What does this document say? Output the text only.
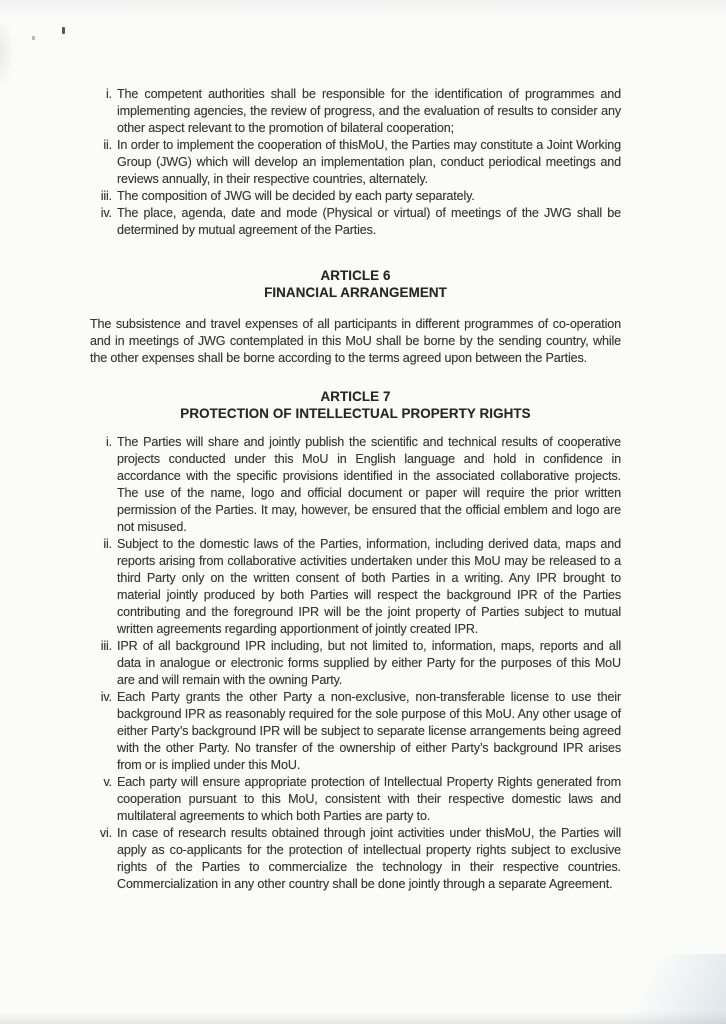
i. The competent authorities shall be responsible for the identification of programmes and implementing agencies, the review of progress, and the evaluation of results to consider any other aspect relevant to the promotion of bilateral cooperation;
ii. In order to implement the cooperation of thisMoU, the Parties may constitute a Joint Working Group (JWG) which will develop an implementation plan, conduct periodical meetings and reviews annually, in their respective countries, alternately.
iii. The composition of JWG will be decided by each party separately.
iv. The place, agenda, date and mode (Physical or virtual) of meetings of the JWG shall be determined by mutual agreement of the Parties.
ARTICLE 6
FINANCIAL ARRANGEMENT

The subsistence and travel expenses of all participants in different programmes of co-operation and in meetings of JWG contemplated in this MoU shall be borne by the sending country, while the other expenses shall be borne according to the terms agreed upon between the Parties.

ARTICLE 7
PROTECTION OF INTELLECTUAL PROPERTY RIGHTS
i. The Parties will share and jointly publish the scientific and technical results of cooperative projects conducted under this MoU in English language and hold in confidence in accordance with the specific provisions identified in the associated collaborative projects. The use of the name, logo and official document or paper will require the prior written permission of the Parties. It may, however, be ensured that the official emblem and logo are not misused.
ii. Subject to the domestic laws of the Parties, information, including derived data, maps and reports arising from collaborative activities undertaken under this MoU may be released to a third Party only on the written consent of both Parties in a writing. Any IPR brought to material jointly produced by both Parties will respect the background IPR of the Parties contributing and the foreground IPR will be the joint property of Parties subject to mutual written agreements regarding apportionment of jointly created IPR.
iii. IPR of all background IPR including, but not limited to, information, maps, reports and all data in analogue or electronic forms supplied by either Party for the purposes of this MoU are and will remain with the owning Party.
iv. Each Party grants the other Party a non-exclusive, non-transferable license to use their background IPR as reasonably required for the sole purpose of this MoU. Any other usage of either Party’s background IPR will be subject to separate license arrangements being agreed with the other Party. No transfer of the ownership of either Party’s background IPR arises from or is implied under this MoU.
v. Each party will ensure appropriate protection of Intellectual Property Rights generated from cooperation pursuant to this MoU, consistent with their respective domestic laws and multilateral agreements to which both Parties are party to.
vi. In case of research results obtained through joint activities under thisMoU, the Parties will apply as co-applicants for the protection of intellectual property rights subject to exclusive rights of the Parties to commercialize the technology in their respective countries. Commercialization in any other country shall be done jointly through a separate Agreement.
